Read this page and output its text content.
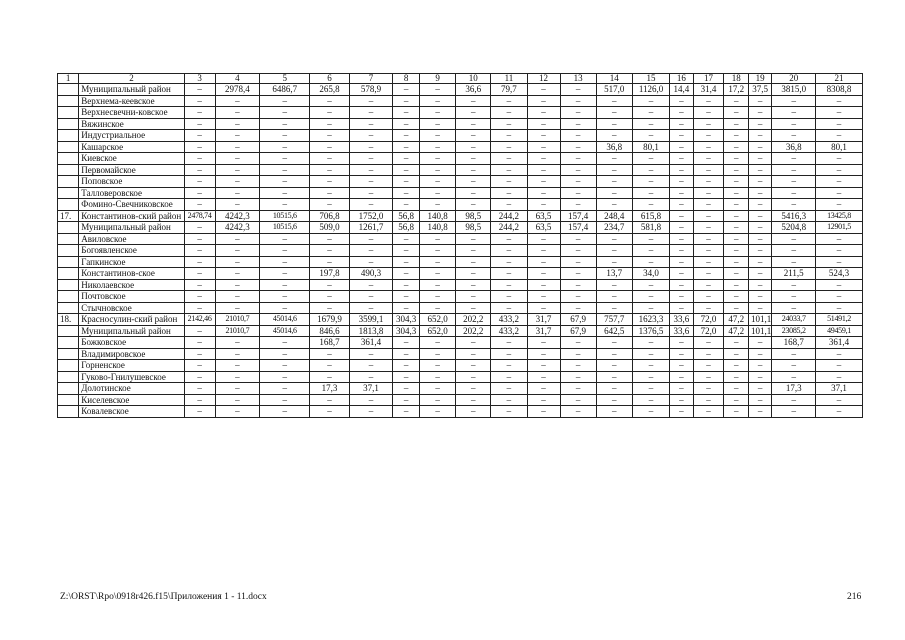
1	2	3	4	5	6	7	8	9	10	11	12	13	14	15	16	17	18	19	20	21
	Муниципальный район	–	2978,4	6486,7	265,8	578,9	–	–	36,6	79,7	–	–	517,0	1126,0	14,4	31,4	17,2	37,5	3815,0	8308,8
	Верхнема-кеевское	–	–	–	–	–	–	–	–	–	–	–	–	–	–	–	–	–	–	–
	Верхнесвечни-ковское	–	–	–	–	–	–	–	–	–	–	–	–	–	–	–	–	–	–	–
	Вяжинское	–	–	–	–	–	–	–	–	–	–	–	–	–	–	–	–	–	–	–
	Индустриальное	–	–	–	–	–	–	–	–	–	–	–	–	–	–	–	–	–	–	–
	Кашарское	–	–	–	–	–	–	–	–	–	–	–	36,8	80,1	–	–	–	–	36,8	80,1
	Киевское	–	–	–	–	–	–	–	–	–	–	–	–	–	–	–	–	–	–	–
	Первомайское	–	–	–	–	–	–	–	–	–	–	–	–	–	–	–	–	–	–	–
	Поповское	–	–	–	–	–	–	–	–	–	–	–	–	–	–	–	–	–	–	–
	Талловеровское	–	–	–	–	–	–	–	–	–	–	–	–	–	–	–	–	–	–	–
	Фомино-Свечниковское	–	–	–	–	–	–	–	–	–	–	–	–	–	–	–	–	–	–	–
17.	Константинов-ский район	2478,74	4242,3	10515,6	706,8	1752,0	56,8	140,8	98,5	244,2	63,5	157,4	248,4	615,8	–	–	–	–	5416,3	13425,8
	Муниципальный район	–	4242,3	10515,6	509,0	1261,7	56,8	140,8	98,5	244,2	63,5	157,4	234,7	581,8	–	–	–	–	5204,8	12901,5
	Авиловское	–	–	–	–	–	–	–	–	–	–	–	–	–	–	–	–	–	–	–
	Богоявленское	–	–	–	–	–	–	–	–	–	–	–	–	–	–	–	–	–	–	–
	Гапкинское	–	–	–	–	–	–	–	–	–	–	–	–	–	–	–	–	–	–	–
	Константинов-ское	–	–	–	197,8	490,3	–	–	–	–	–	–	13,7	34,0	–	–	–	–	211,5	524,3
	Николаевское	–	–	–	–	–	–	–	–	–	–	–	–	–	–	–	–	–	–	–
	Почтовское	–	–	–	–	–	–	–	–	–	–	–	–	–	–	–	–	–	–	–
	Стычновское	–	–	–	–	–	–	–	–	–	–	–	–	–	–	–	–	–	–	–
18.	Красносулин-ский район	2142,46	21010,7	45014,6	1679,9	3599,1	304,3	652,0	202,2	433,2	31,7	67,9	757,7	1623,3	33,6	72,0	47,2	101,1	24033,7	51491,2
	Муниципальный район	–	21010,7	45014,6	846,6	1813,8	304,3	652,0	202,2	433,2	31,7	67,9	642,5	1376,5	33,6	72,0	47,2	101,1	23085,2	49459,1
	Божковское	–	–	–	168,7	361,4	–	–	–	–	–	–	–	–	–	–	–	–	168,7	361,4
	Владимировское	–	–	–	–	–	–	–	–	–	–	–	–	–	–	–	–	–	–	–
	Горненское	–	–	–	–	–	–	–	–	–	–	–	–	–	–	–	–	–	–	–
	Гуково-Гнилушевское	–	–	–	–	–	–	–	–	–	–	–	–	–	–	–	–	–	–	–
	Долотинское	–	–	–	17,3	37,1	–	–	–	–	–	–	–	–	–	–	–	–	17,3	37,1
	Киселевское	–	–	–	–	–	–	–	–	–	–	–	–	–	–	–	–	–	–	–
	Ковалевское	–	–	–	–	–	–	–	–	–	–	–	–	–	–	–	–	–	–	–
Z:\ORST\Rpo\0918r426.f15\Приложения 1 - 11.docx	216
